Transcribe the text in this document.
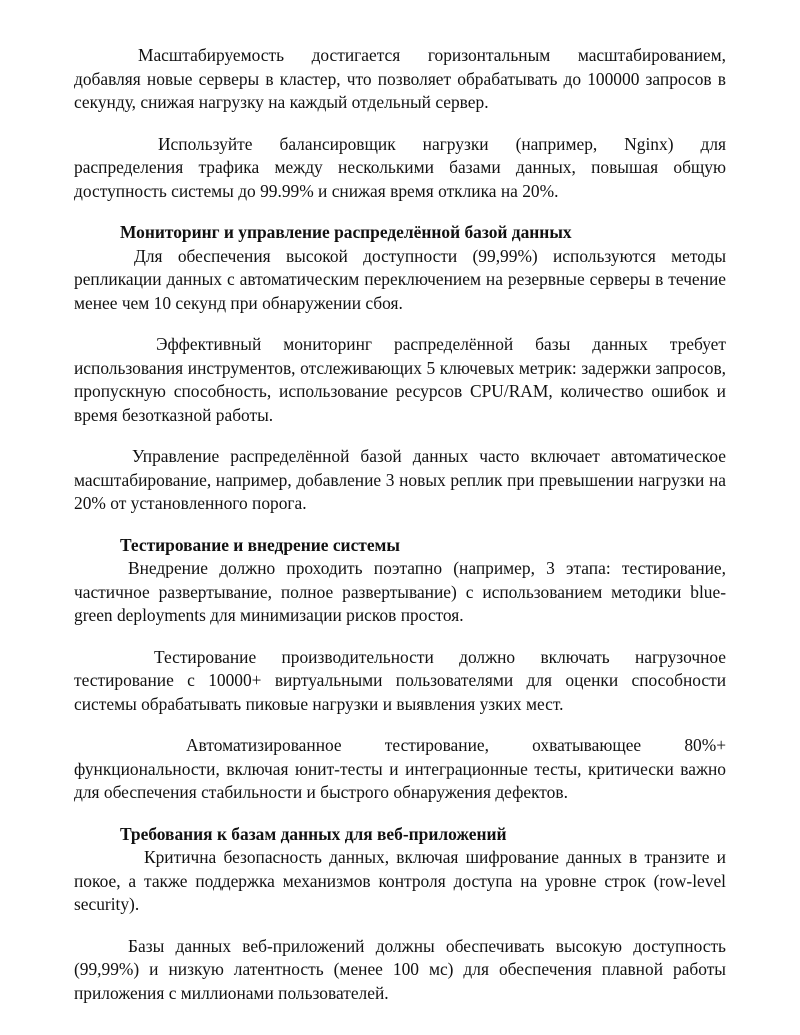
Масштабируемость достигается горизонтальным масштабированием, добавляя новые серверы в кластер, что позволяет обрабатывать до 100000 запросов в секунду, снижая нагрузку на каждый отдельный сервер.

Используйте балансировщик нагрузки (например, Nginx) для распределения трафика между несколькими базами данных, повышая общую доступность системы до 99.99% и снижая время отклика на 20%.

Мониторинг и управление распределённой базой данных

Для обеспечения высокой доступности (99,99%) используются методы репликации данных с автоматическим переключением на резервные серверы в течение менее чем 10 секунд при обнаружении сбоя.

Эффективный мониторинг распределённой базы данных требует использования инструментов, отслеживающих 5 ключевых метрик: задержки запросов, пропускную способность, использование ресурсов CPU/RAM, количество ошибок и время безотказной работы.

Управление распределённой базой данных часто включает автоматическое масштабирование, например, добавление 3 новых реплик при превышении нагрузки на 20% от установленного порога.

Тестирование и внедрение системы

Внедрение должно проходить поэтапно (например, 3 этапа: тестирование, частичное развертывание, полное развертывание) с использованием методики blue-green deployments для минимизации рисков простоя.

Тестирование производительности должно включать нагрузочное тестирование с 10000+ виртуальными пользователями для оценки способности системы обрабатывать пиковые нагрузки и выявления узких мест.

Автоматизированное тестирование, охватывающее 80%+ функциональности, включая юнит-тесты и интеграционные тесты, критически важно для обеспечения стабильности и быстрого обнаружения дефектов.

Требования к базам данных для веб-приложений

Критична безопасность данных, включая шифрование данных в транзите и покое, а также поддержка механизмов контроля доступа на уровне строк (row-level security).

Базы данных веб-приложений должны обеспечивать высокую доступность (99,99%) и низкую латентность (менее 100 мс) для обеспечения плавной работы приложения с миллионами пользователей.
